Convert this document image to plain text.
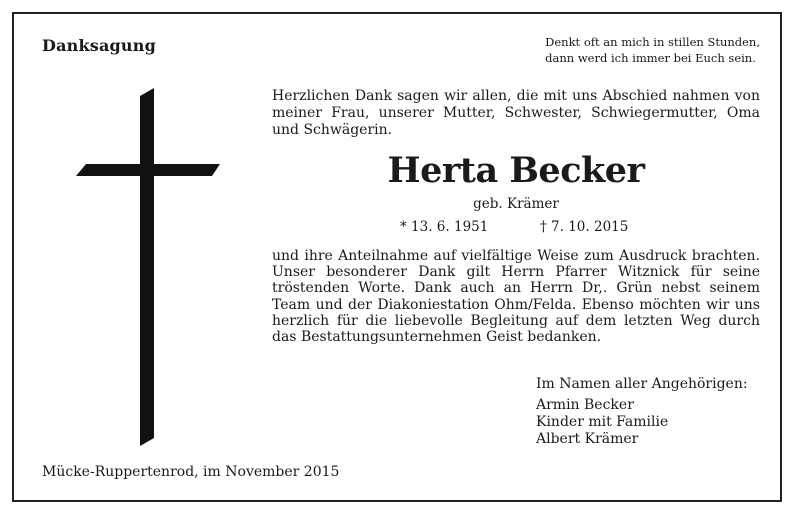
Danksagung	Denkt oft an mich in stillen Stunden,
dann werd ich immer bei Euch sein.
Herzlichen Dank sagen wir allen, die mit uns Abschied nahmen von meiner Frau, unserer Mutter, Schwester, Schwiegermutter, Oma und Schwägerin.
Herta Becker
geb. Krämer
* 13. 6. 1951	† 7. 10. 2015
und ihre Anteilnahme auf vielfältige Weise zum Ausdruck brachten. Unser besonderer Dank gilt Herrn Pfarrer Witznick für seine tröstenden Worte. Dank auch an Herrn Dr,. Grün nebst seinem Team und der Diakoniestation Ohm/Felda. Ebenso möchten wir uns herzlich für die liebevolle Begleitung auf dem letzten Weg durch das Bestattungsunternehmen Geist bedanken.
Im Namen aller Angehörigen:
Armin Becker
Kinder mit Familie
Albert Krämer
Mücke-Ruppertenrod, im November 2015
